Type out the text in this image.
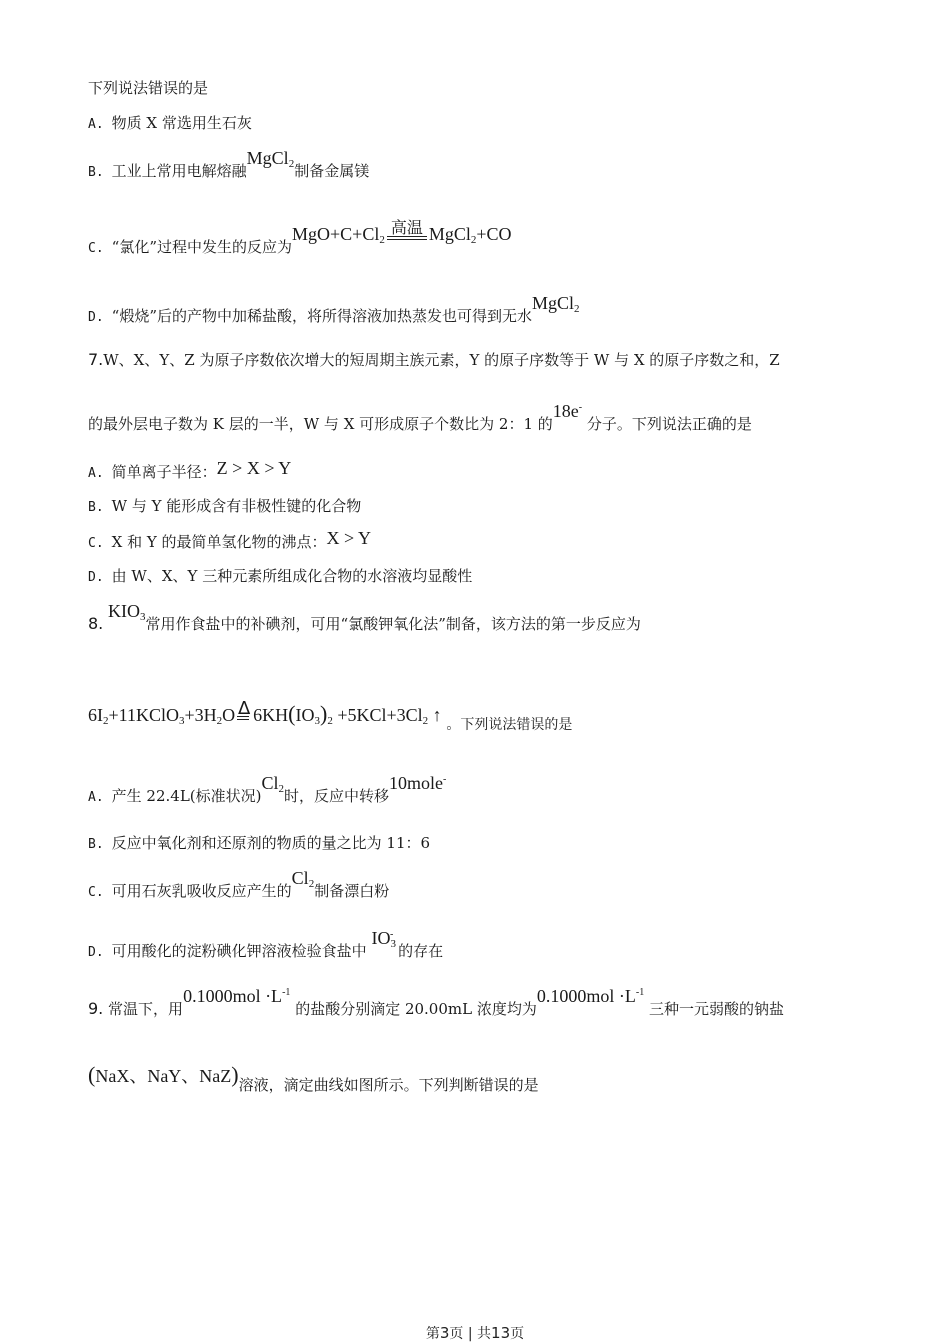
下列说法错误的是
A. 物质 X 常选用生石灰
B. 工业上常用电解熔融MgCl$_2$制备金属镁
C. “氯化”过程中发生的反应为$MgO+C+Cl_2$
高温 MgCl$_2$+CO
D. “煅烧”后的产物中加稀盐酸，将所得溶液加热蒸发也可得到无水MgCl$_2$
7.W、X、Y、Z 为原子序数依次增大的短周期主族元素，Y 的原子序数等于 W 与 X 的原子序数之和，Z
的最外层电子数为 K 层的一半，W 与 X 可形成原子个数比为 2：1 的18e- 分子。下列说法正确的是
A. 简单离子半径：Z > X > Y
B. W 与 Y 能形成含有非极性键的化合物
C. X 和 Y 的最简单氢化物的沸点：X > Y
D. 由 W、X、Y 三种元素所组成化合物的水溶液均显酸性
8. $KIO_3$常用作食盐中的补碘剂，可用“氯酸钾氧化法”制备，该方法的第一步反应为
$6I_2+11KClO_3+3H_2O$ Δ $6KH(IO_3)_2 +5KCl+3Cl_2$ ↑ 。下列说法错误的是
A. 产生 22.4L(标准状况)$Cl_2$时，反应中转移10mole-
B. 反应中氧化剂和还原剂的物质的量之比为 11：6
C. 可用石灰乳吸收反应产生的$Cl_2$制备漂白粉
D. 可用酸化的淀粉碘化钾溶液检验食盐中 $IO_3^-$ 的存在
9. 常温下，用$0.1000mol \cdot L^{-1}$ 的盐酸分别滴定 20.00mL 浓度均为$0.1000mol \cdot L^{-1}$ 三种一元弱酸的钠盐
(NaX、NaY、NaZ)溶液，滴定曲线如图所示。下列判断错误的是
第3页 | 共13页
